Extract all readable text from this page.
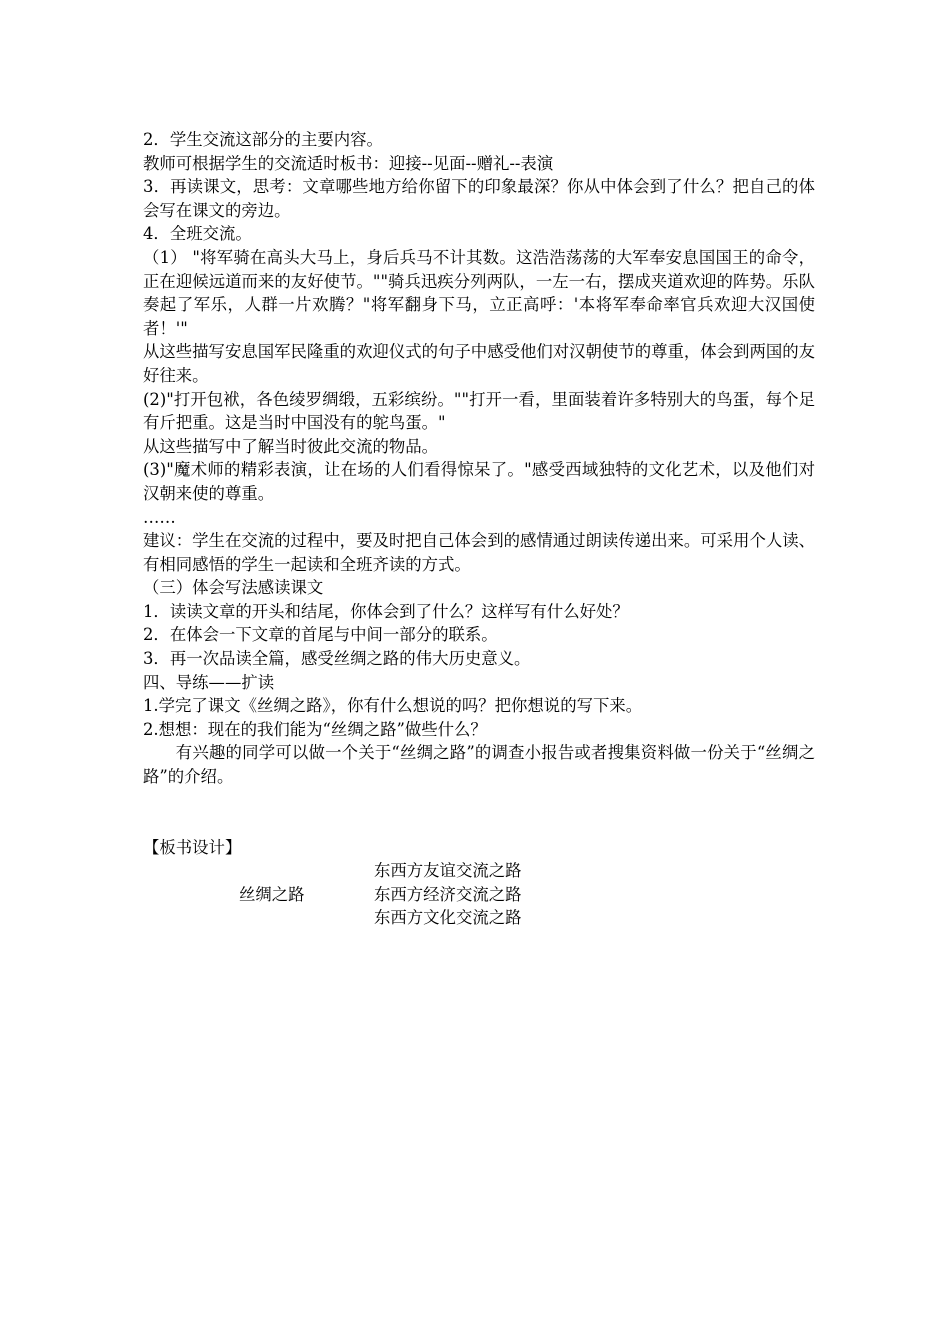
2．学生交流这部分的主要内容。
教师可根据学生的交流适时板书：迎接--见面--赠礼--表演
3．再读课文，思考：文章哪些地方给你留下的印象最深？你从中体会到了什么？把自己的体会写在课文的旁边。
4．全班交流。
（1） "将军骑在高头大马上，身后兵马不计其数。这浩浩荡荡的大军奉安息国国王的命令，正在迎候远道而来的友好使节。""骑兵迅疾分列两队，一左一右，摆成夹道欢迎的阵势。乐队奏起了军乐，人群一片欢腾？"将军翻身下马，立正高呼：'本将军奉命率官兵欢迎大汉国使者！'"
从这些描写安息国军民隆重的欢迎仪式的句子中感受他们对汉朝使节的尊重，体会到两国的友好往来。
(2)"打开包袱，各色绫罗绸缎，五彩缤纷。""打开一看，里面装着许多特别大的鸟蛋，每个足有斤把重。这是当时中国没有的鸵鸟蛋。"
从这些描写中了解当时彼此交流的物品。
(3)"魔术师的精彩表演，让在场的人们看得惊呆了。"感受西域独特的文化艺术，以及他们对汉朝来使的尊重。
……
建议：学生在交流的过程中，要及时把自己体会到的感情通过朗读传递出来。可采用个人读、有相同感悟的学生一起读和全班齐读的方式。
（三）体会写法感读课文
1．读读文章的开头和结尾，你体会到了什么？这样写有什么好处？
2．在体会一下文章的首尾与中间一部分的联系。
3．再一次品读全篇，感受丝绸之路的伟大历史意义。
四、导练——扩读
1.学完了课文《丝绸之路》，你有什么想说的吗？把你想说的写下来。
2.想想：现在的我们能为“丝绸之路”做些什么？
有兴趣的同学可以做一个关于“丝绸之路”的调查小报告或者搜集资料做一份关于“丝绸之路”的介绍。
【板书设计】
丝绸之路
东西方友谊交流之路
东西方经济交流之路
东西方文化交流之路
